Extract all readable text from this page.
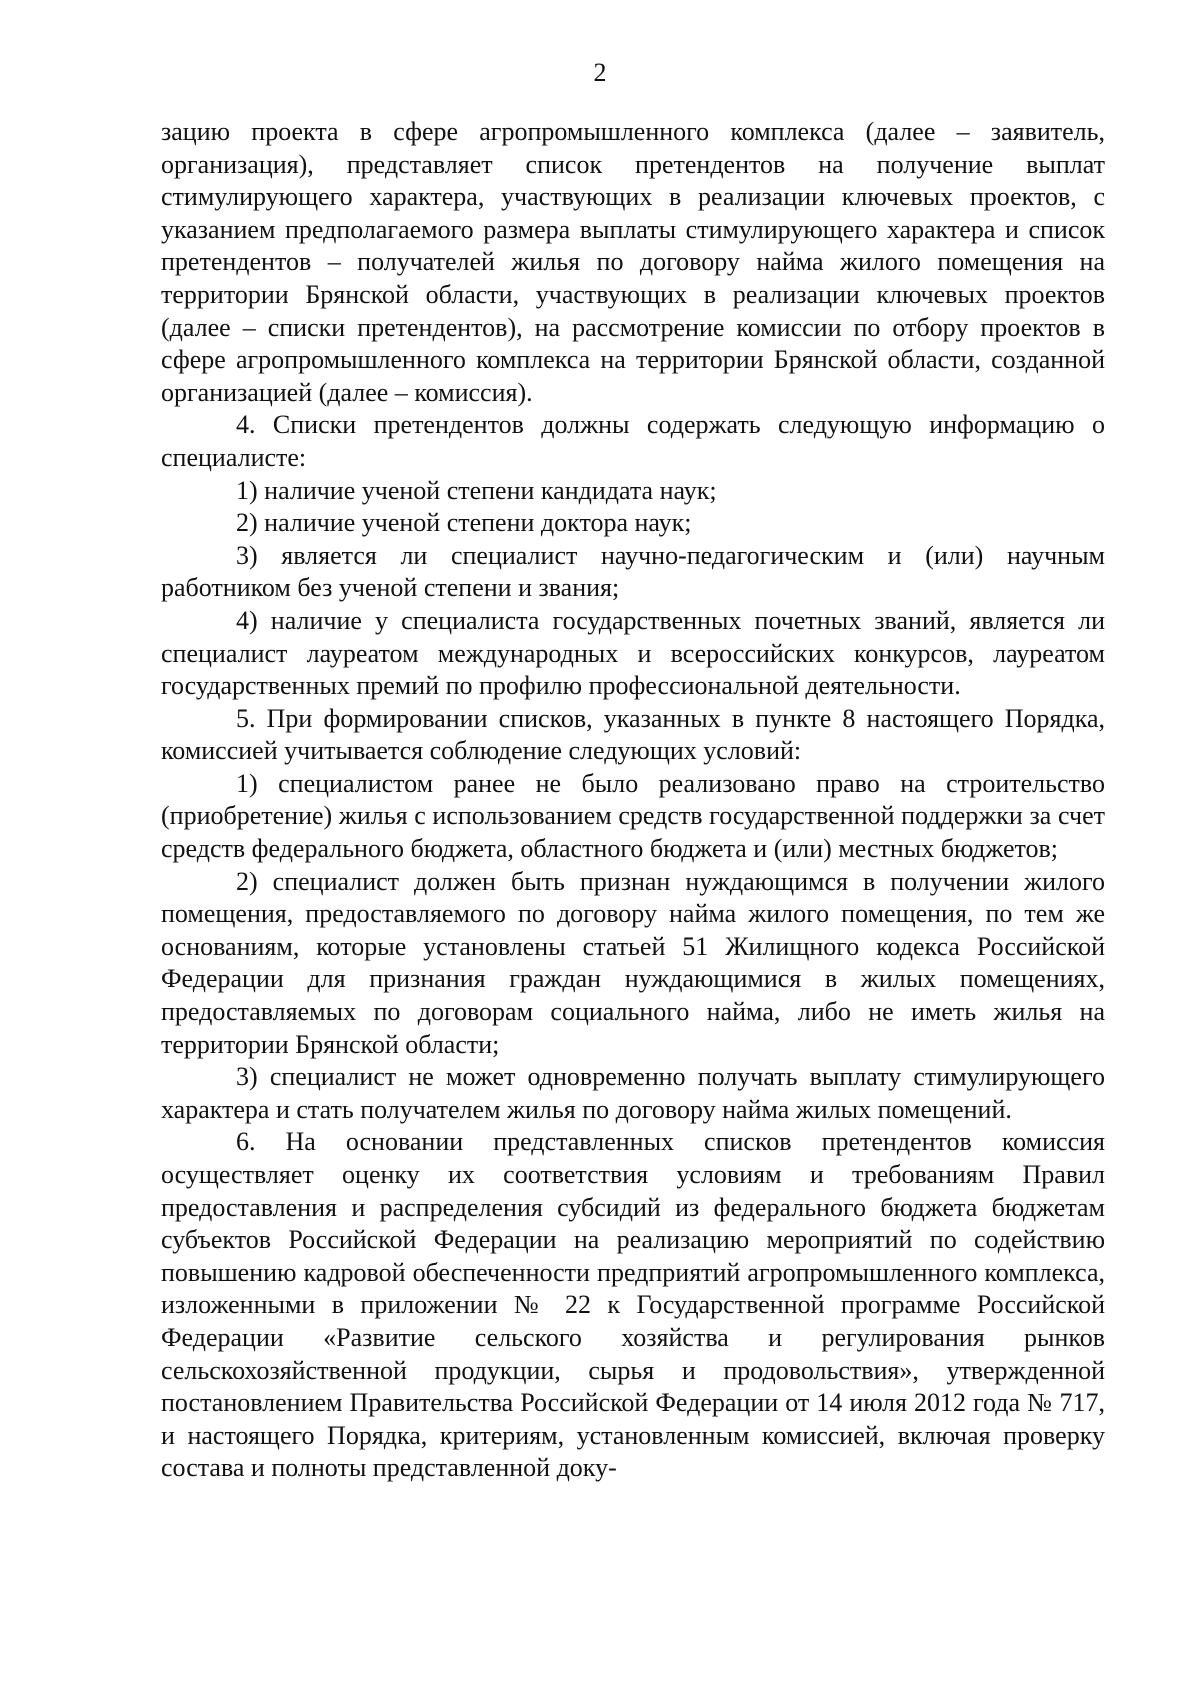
2

зацию проекта в сфере агропромышленного комплекса (далее – заявитель, организация), представляет список претендентов на получение выплат стимулирующего характера, участвующих в реализации ключевых проектов, с указанием предполагаемого размера выплаты стимулирующего характера и список претендентов – получателей жилья по договору найма жилого помещения на территории Брянской области, участвующих в реализации ключевых проектов (далее – списки претендентов), на рассмотрение комиссии по отбору проектов в сфере агропромышленного комплекса на территории Брянской области, созданной организацией (далее – комиссия).

4. Списки претендентов должны содержать следующую информацию о специалисте:

1) наличие ученой степени кандидата наук;

2) наличие ученой степени доктора наук;

3) является ли специалист научно-педагогическим и (или) научным работником без ученой степени и звания;

4) наличие у специалиста государственных почетных званий, является ли специалист лауреатом международных и всероссийских конкурсов, лауреатом государственных премий по профилю профессиональной деятельности.

5. При формировании списков, указанных в пункте 8 настоящего Порядка, комиссией учитывается соблюдение следующих условий:

1) специалистом ранее не было реализовано право на строительство (приобретение) жилья с использованием средств государственной поддержки за счет средств федерального бюджета, областного бюджета и (или) местных бюджетов;

2) специалист должен быть признан нуждающимся в получении жилого помещения, предоставляемого по договору найма жилого помещения, по тем же основаниям, которые установлены статьей 51 Жилищного кодекса Российской Федерации для признания граждан нуждающимися в жилых помещениях, предоставляемых по договорам социального найма, либо не иметь жилья на территории Брянской области;

3) специалист не может одновременно получать выплату стимулирующего характера и стать получателем жилья по договору найма жилых помещений.

6. На основании представленных списков претендентов комиссия осуществляет оценку их соответствия условиям и требованиям Правил предоставления и распределения субсидий из федерального бюджета бюджетам субъектов Российской Федерации на реализацию мероприятий по содействию повышению кадровой обеспеченности предприятий агропромышленного комплекса, изложенными в приложении № 22 к Государственной программе Российской Федерации «Развитие сельского хозяйства и регулирования рынков сельскохозяйственной продукции, сырья и продовольствия», утвержденной постановлением Правительства Российской Федерации от 14 июля 2012 года № 717, и настоящего Порядка, критериям, установленным комиссией, включая проверку состава и полноты представленной доку-
